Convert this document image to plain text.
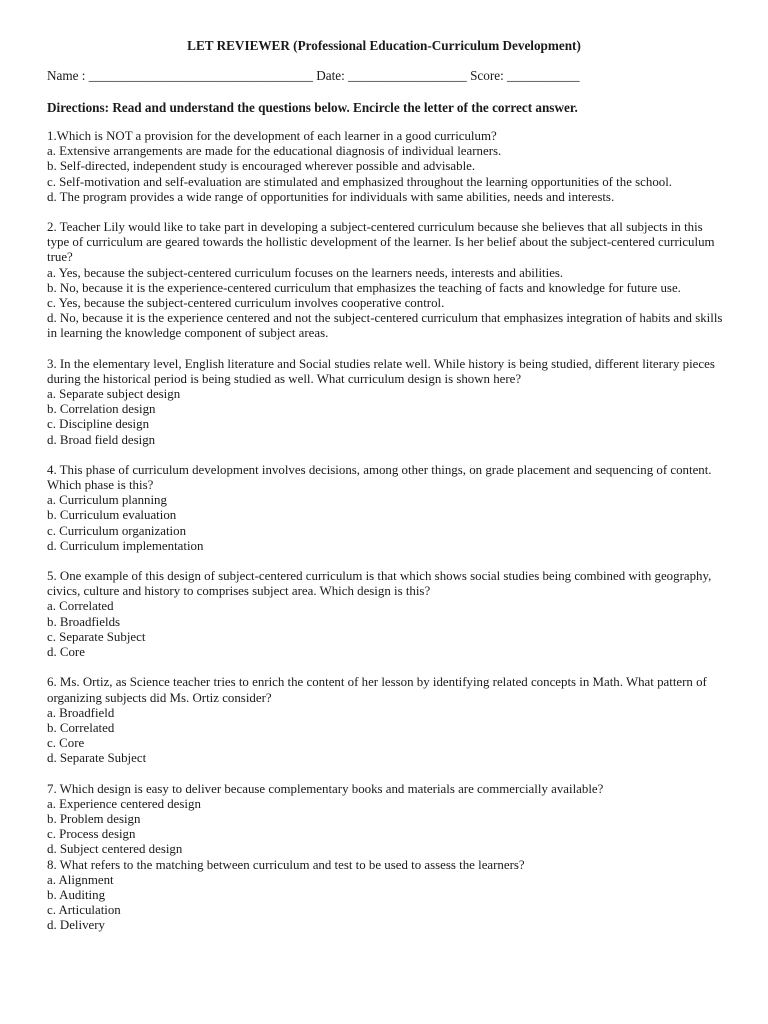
LET REVIEWER (Professional Education-Curriculum Development)
Name : __________________________________ Date: __________________ Score: ___________
Directions: Read and understand the questions below. Encircle the letter of the correct answer.
1.Which is NOT a provision for the development of each learner in a good curriculum?
a. Extensive arrangements are made for the educational diagnosis of individual learners.
b. Self-directed, independent study is encouraged wherever possible and advisable.
c. Self-motivation and self-evaluation are stimulated and emphasized throughout the learning opportunities of the school.
d. The program provides a wide range of opportunities for individuals with same abilities, needs and interests.
2. Teacher Lily would like to take part in developing a subject-centered curriculum because she believes that all subjects in this type of curriculum are geared towards the hollistic development of the learner. Is her belief about the subject-centered curriculum true?
a. Yes, because the subject-centered curriculum focuses on the learners needs, interests and abilities.
b. No, because it is the experience-centered curriculum that emphasizes the teaching of facts and knowledge for future use.
c. Yes, because the subject-centered curriculum involves cooperative control.
d. No, because it is the experience centered and not the subject-centered curriculum that emphasizes integration of habits and skills in learning the knowledge component of subject areas.
3. In the elementary level, English literature and Social studies relate well. While history is being studied, different literary pieces during the historical period is being studied as well. What curriculum design is shown here?
a. Separate subject design
b. Correlation design
c. Discipline design
d. Broad field design
4. This phase of curriculum development involves decisions, among other things, on grade placement and sequencing of content. Which phase is this?
a. Curriculum planning
b. Curriculum evaluation
c. Curriculum organization
d. Curriculum implementation
5. One example of this design of subject-centered curriculum is that which shows social studies being combined with geography, civics, culture and history to comprises subject area. Which design is this?
a. Correlated
b. Broadfields
c. Separate Subject
d. Core
6. Ms. Ortiz, as Science teacher tries to enrich the content of her lesson by identifying related concepts in Math. What pattern of organizing subjects did Ms. Ortiz consider?
a. Broadfield
b. Correlated
c. Core
d. Separate Subject
7. Which design is easy to deliver because complementary books and materials are commercially available?
a. Experience centered design
b. Problem design
c. Process design
d. Subject centered design
8. What refers to the matching between curriculum and test to be used to assess the learners?
a. Alignment
b. Auditing
c. Articulation
d. Delivery
